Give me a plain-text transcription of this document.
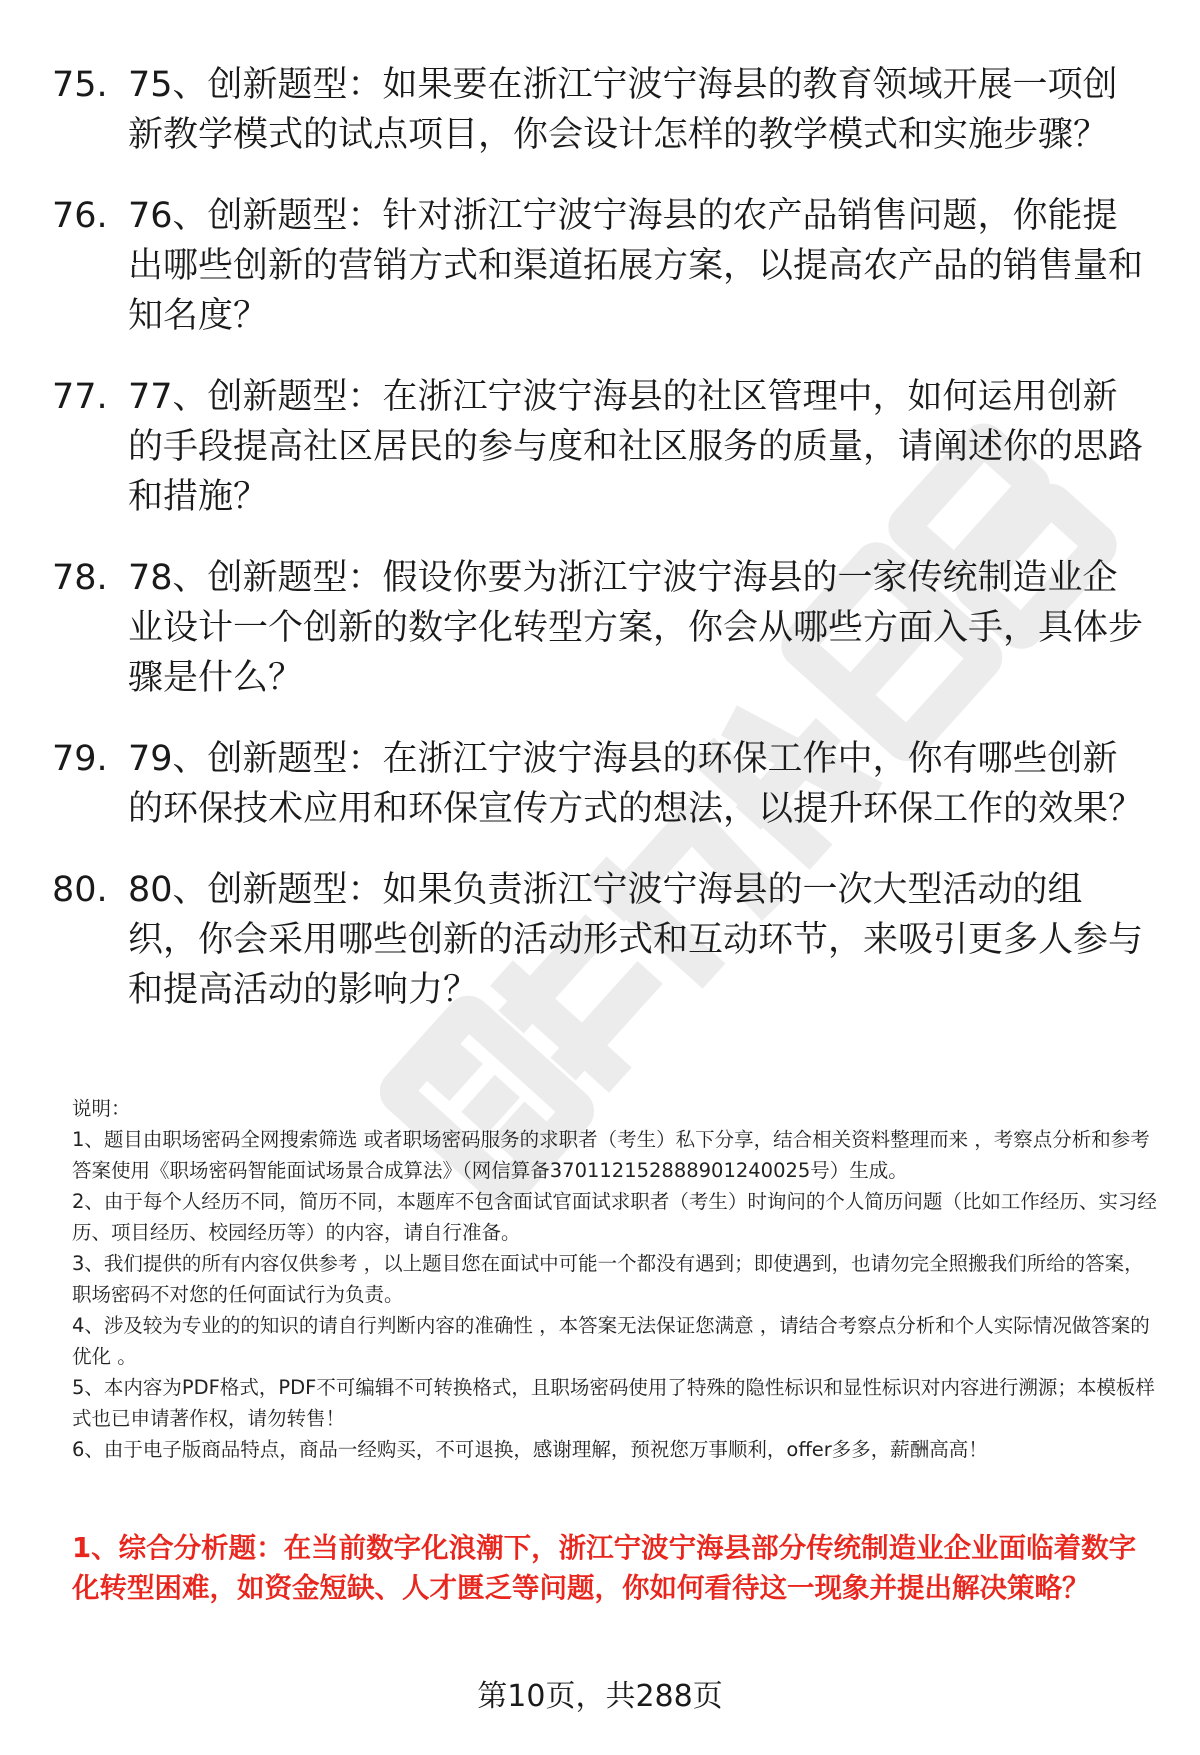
75. 75、创新题型：如果要在浙江宁波宁海县的教育领域开展一项创新教学模式的试点项目，你会设计怎样的教学模式和实施步骤？
76. 76、创新题型：针对浙江宁波宁海县的农产品销售问题，你能提出哪些创新的营销方式和渠道拓展方案，以提高农产品的销售量和知名度？
77. 77、创新题型：在浙江宁波宁海县的社区管理中，如何运用创新的手段提高社区居民的参与度和社区服务的质量，请阐述你的思路和措施？
78. 78、创新题型：假设你要为浙江宁波宁海县的一家传统制造业企业设计一个创新的数字化转型方案，你会从哪些方面入手，具体步骤是什么？
79. 79、创新题型：在浙江宁波宁海县的环保工作中，你有哪些创新的环保技术应用和环保宣传方式的想法，以提升环保工作的效果？
80. 80、创新题型：如果负责浙江宁波宁海县的一次大型活动的组织，你会采用哪些创新的活动形式和互动环节，来吸引更多人参与和提高活动的影响力？

说明：

1、题目由职场密码全网搜索筛选 或者职场密码服务的求职者（考生）私下分享，结合相关资料整理而来 ，考察点分析和参考答案使用《职场密码智能面试场景合成算法》（网信算备370112152888901240025号）生成。

2、由于每个人经历不同，简历不同，本题库不包含面试官面试求职者（考生）时询问的个人简历问题（比如工作经历、实习经历、项目经历、校园经历等）的内容，请自行准备。

3、我们提供的所有内容仅供参考 ，以上题目您在面试中可能一个都没有遇到；即使遇到，也请勿完全照搬我们所给的答案，职场密码不对您的任何面试行为负责。

4、涉及较为专业的的知识的请自行判断内容的准确性 ，本答案无法保证您满意 ，请结合考察点分析和个人实际情况做答案的优化 。

5、本内容为PDF格式，PDF不可编辑不可转换格式，且职场密码使用了特殊的隐性标识和显性标识对内容进行溯源；本模板样式也已申请著作权，请勿转售！

6、由于电子版商品特点，商品一经购买，不可退换，感谢理解，预祝您万事顺利，offer多多，薪酬高高！

1、综合分析题：在当前数字化浪潮下，浙江宁波宁海县部分传统制造业企业面临着数字化转型困难，如资金短缺、人才匮乏等问题，你如何看待这一现象并提出解决策略？
第10页，共288页
